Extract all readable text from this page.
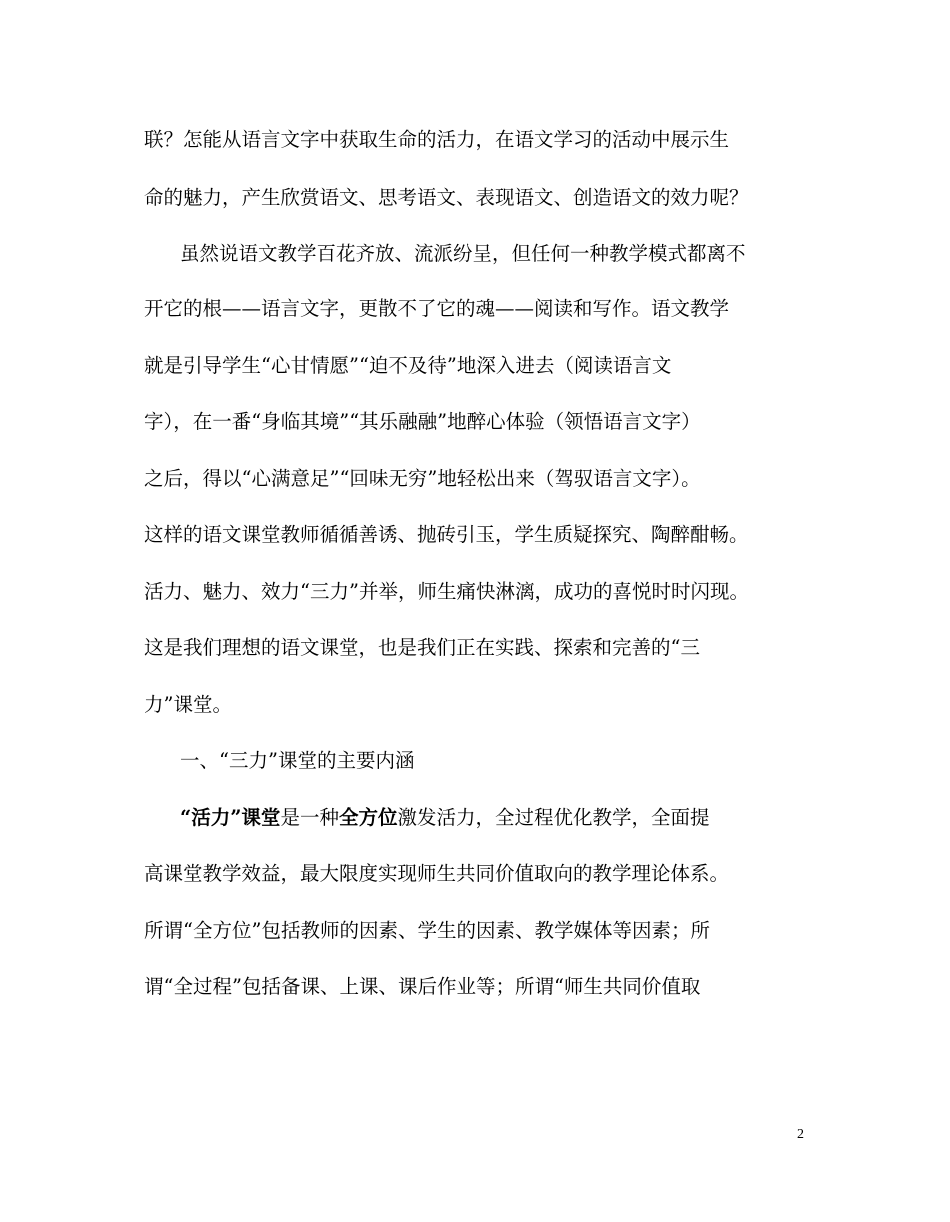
联？怎能从语言文字中获取生命的活力，在语文学习的活动中展示生
命的魅力，产生欣赏语文、思考语文、表现语文、创造语文的效力呢？
虽然说语文教学百花齐放、流派纷呈，但任何一种教学模式都离不
开它的根——语言文字，更散不了它的魂——阅读和写作。语文教学
就是引导学生“心甘情愿”“迫不及待”地深入进去（阅读语言文
字），在一番“身临其境”“其乐融融”地醉心体验（领悟语言文字）
之后，得以“心满意足”“回味无穷”地轻松出来（驾驭语言文字）。
这样的语文课堂教师循循善诱、抛砖引玉，学生质疑探究、陶醉酣畅。
活力、魅力、效力“三力”并举，师生痛快淋漓，成功的喜悦时时闪现。
这是我们理想的语文课堂，也是我们正在实践、探索和完善的“三
力”课堂。
一、“三力”课堂的主要内涵
“活力”课堂是一种全方位激发活力，全过程优化教学，全面提
高课堂教学效益，最大限度实现师生共同价值取向的教学理论体系。
所谓“全方位”包括教师的因素、学生的因素、教学媒体等因素；所
谓“全过程”包括备课、上课、课后作业等；所谓“师生共同价值取
2
